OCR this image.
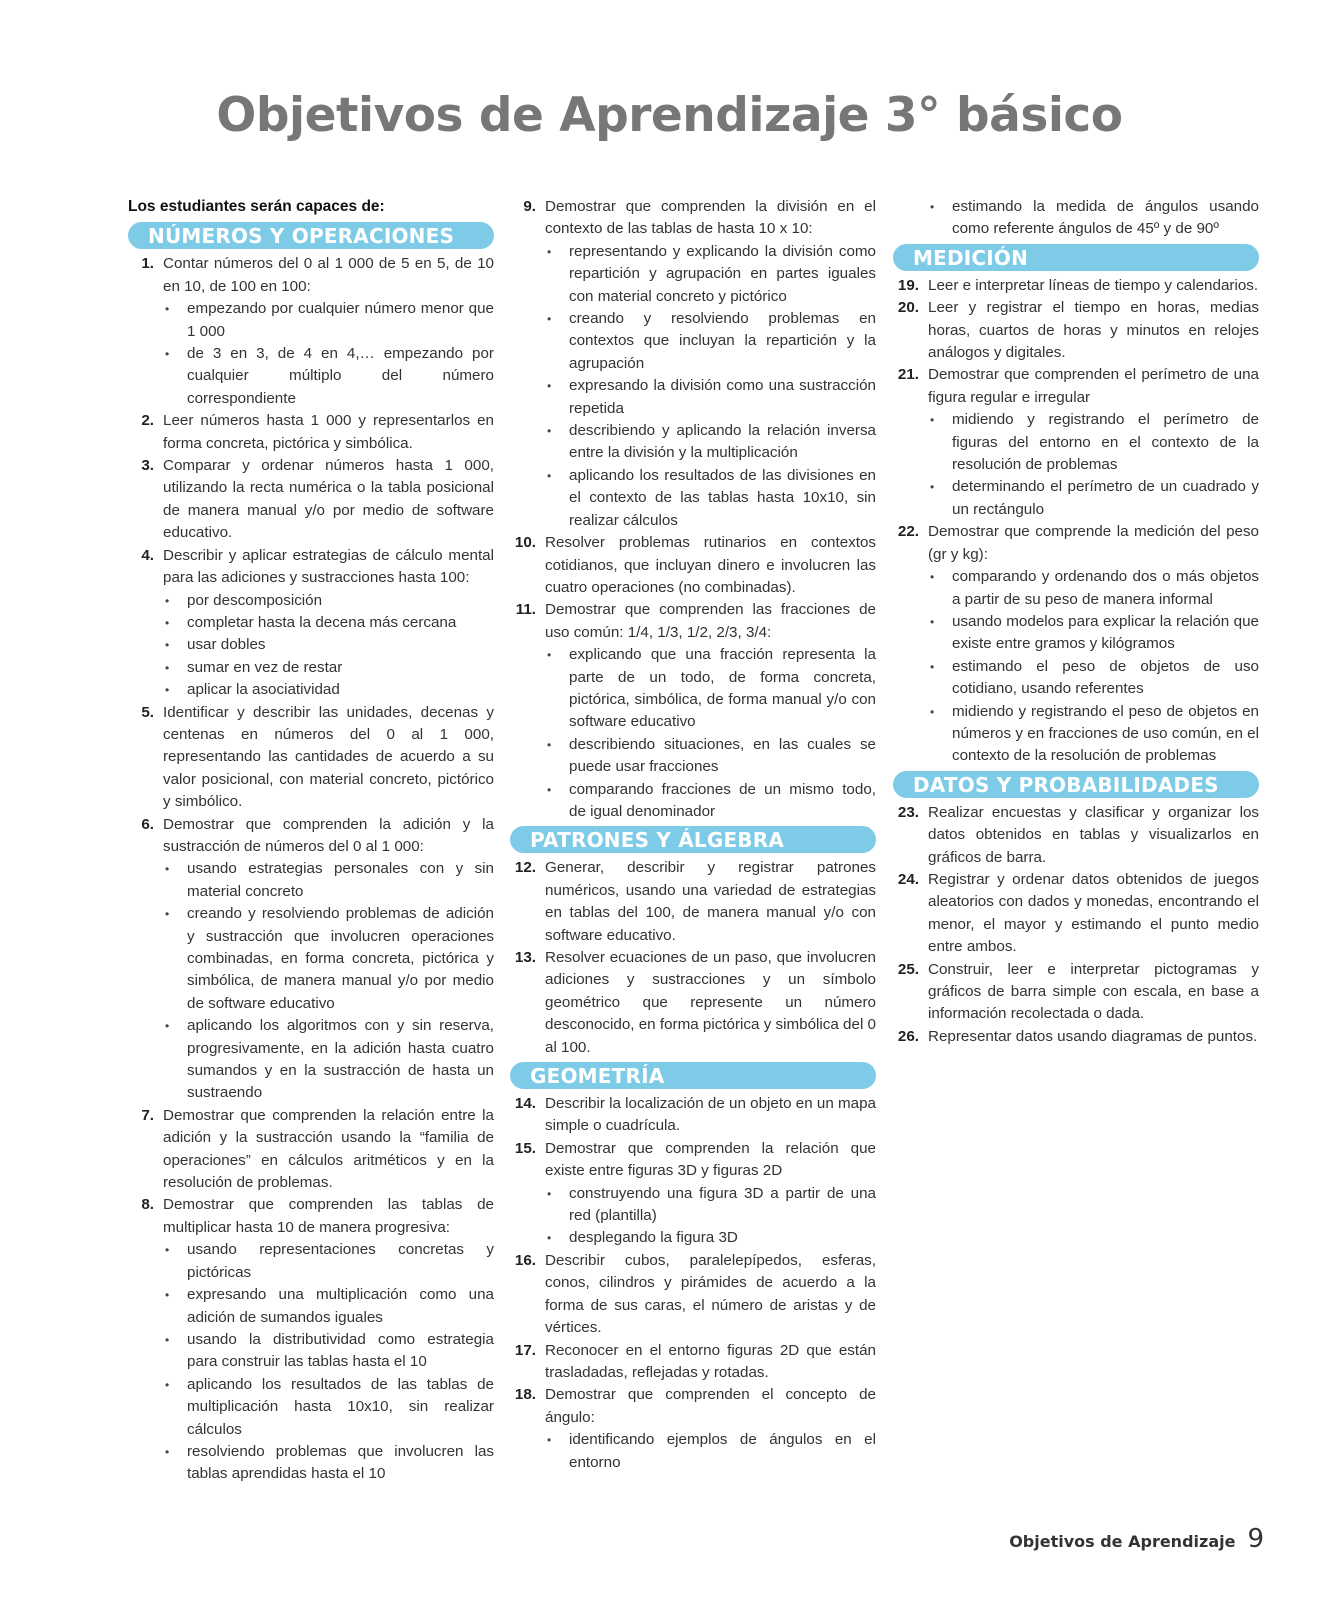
Objetivos de Aprendizaje 3° básico

Los estudiantes serán capaces de:

NÚMEROS Y OPERACIONES
1. Contar números del 0 al 1 000 de 5 en 5, de 10 en 10, de 100 en 100:
• empezando por cualquier número menor que 1 000
• de 3 en 3, de 4 en 4,… empezando por cualquier múltiplo del número correspondiente
2. Leer números hasta 1 000 y representarlos en forma concreta, pictórica y simbólica.
3. Comparar y ordenar números hasta 1 000, utilizando la recta numérica o la tabla posicional de manera manual y/o por medio de software educativo.
4. Describir y aplicar estrategias de cálculo mental para las adiciones y sustracciones hasta 100:
• por descomposición
• completar hasta la decena más cercana
• usar dobles
• sumar en vez de restar
• aplicar la asociatividad
5. Identificar y describir las unidades, decenas y centenas en números del 0 al 1 000, representando las cantidades de acuerdo a su valor posicional, con material concreto, pictórico y simbólico.
6. Demostrar que comprenden la adición y la sustracción de números del 0 al 1 000:
• usando estrategias personales con y sin material concreto
• creando y resolviendo problemas de adición y sustracción que involucren operaciones combinadas, en forma concreta, pictórica y simbólica, de manera manual y/o por medio de software educativo
• aplicando los algoritmos con y sin reserva, progresivamente, en la adición hasta cuatro sumandos y en la sustracción de hasta un sustraendo
7. Demostrar que comprenden la relación entre la adición y la sustracción usando la “familia de operaciones” en cálculos aritméticos y en la resolución de problemas.
8. Demostrar que comprenden las tablas de multiplicar hasta 10 de manera progresiva:
• usando representaciones concretas y pictóricas
• expresando una multiplicación como una adición de sumandos iguales
• usando la distributividad como estrategia para construir las tablas hasta el 10
• aplicando los resultados de las tablas de multiplicación hasta 10x10, sin realizar cálculos
• resolviendo problemas que involucren las tablas aprendidas hasta el 10
9. Demostrar que comprenden la división en el contexto de las tablas de hasta 10 x 10:
• representando y explicando la división como repartición y agrupación en partes iguales con material concreto y pictórico
• creando y resolviendo problemas en contextos que incluyan la repartición y la agrupación
• expresando la división como una sustracción repetida
• describiendo y aplicando la relación inversa entre la división y la multiplicación
• aplicando los resultados de las divisiones en el contexto de las tablas hasta 10x10, sin realizar cálculos
10. Resolver problemas rutinarios en contextos cotidianos, que incluyan dinero e involucren las cuatro operaciones (no combinadas).
11. Demostrar que comprenden las fracciones de uso común: 1/4, 1/3, 1/2, 2/3, 3/4:
• explicando que una fracción representa la parte de un todo, de forma concreta, pictórica, simbólica, de forma manual y/o con software educativo
• describiendo situaciones, en las cuales se puede usar fracciones
• comparando fracciones de un mismo todo, de igual denominador
PATRONES Y ÁLGEBRA
12. Generar, describir y registrar patrones numéricos, usando una variedad de estrategias en tablas del 100, de manera manual y/o con software educativo.
13. Resolver ecuaciones de un paso, que involucren adiciones y sustracciones y un símbolo geométrico que represente un número desconocido, en forma pictórica y simbólica del 0 al 100.
GEOMETRÍA
14. Describir la localización de un objeto en un mapa simple o cuadrícula.
15. Demostrar que comprenden la relación que existe entre figuras 3D y figuras 2D
• construyendo una figura 3D a partir de una red (plantilla)
• desplegando la figura 3D
16. Describir cubos, paralelepípedos, esferas, conos, cilindros y pirámides de acuerdo a la forma de sus caras, el número de aristas y de vértices.
17. Reconocer en el entorno figuras 2D que están trasladadas, reflejadas y rotadas.
18. Demostrar que comprenden el concepto de ángulo:
• identificando ejemplos de ángulos en el entorno
• estimando la medida de ángulos usando como referente ángulos de 45º y de 90º
MEDICIÓN
19. Leer e interpretar líneas de tiempo y calendarios.
20. Leer y registrar el tiempo en horas, medias horas, cuartos de horas y minutos en relojes análogos y digitales.
21. Demostrar que comprenden el perímetro de una figura regular e irregular
• midiendo y registrando el perímetro de figuras del entorno en el contexto de la resolución de problemas
• determinando el perímetro de un cuadrado y un rectángulo
22. Demostrar que comprende la medición del peso (gr y kg):
• comparando y ordenando dos o más objetos a partir de su peso de manera informal
• usando modelos para explicar la relación que existe entre gramos y kilógramos
• estimando el peso de objetos de uso cotidiano, usando referentes
• midiendo y registrando el peso de objetos en números y en fracciones de uso común, en el contexto de la resolución de problemas
DATOS Y PROBABILIDADES
23. Realizar encuestas y clasificar y organizar los datos obtenidos en tablas y visualizarlos en gráficos de barra.
24. Registrar y ordenar datos obtenidos de juegos aleatorios con dados y monedas, encontrando el menor, el mayor y estimando el punto medio entre ambos.
25. Construir, leer e interpretar pictogramas y gráficos de barra simple con escala, en base a información recolectada o dada.
26. Representar datos usando diagramas de puntos.
Objetivos de Aprendizaje 9
